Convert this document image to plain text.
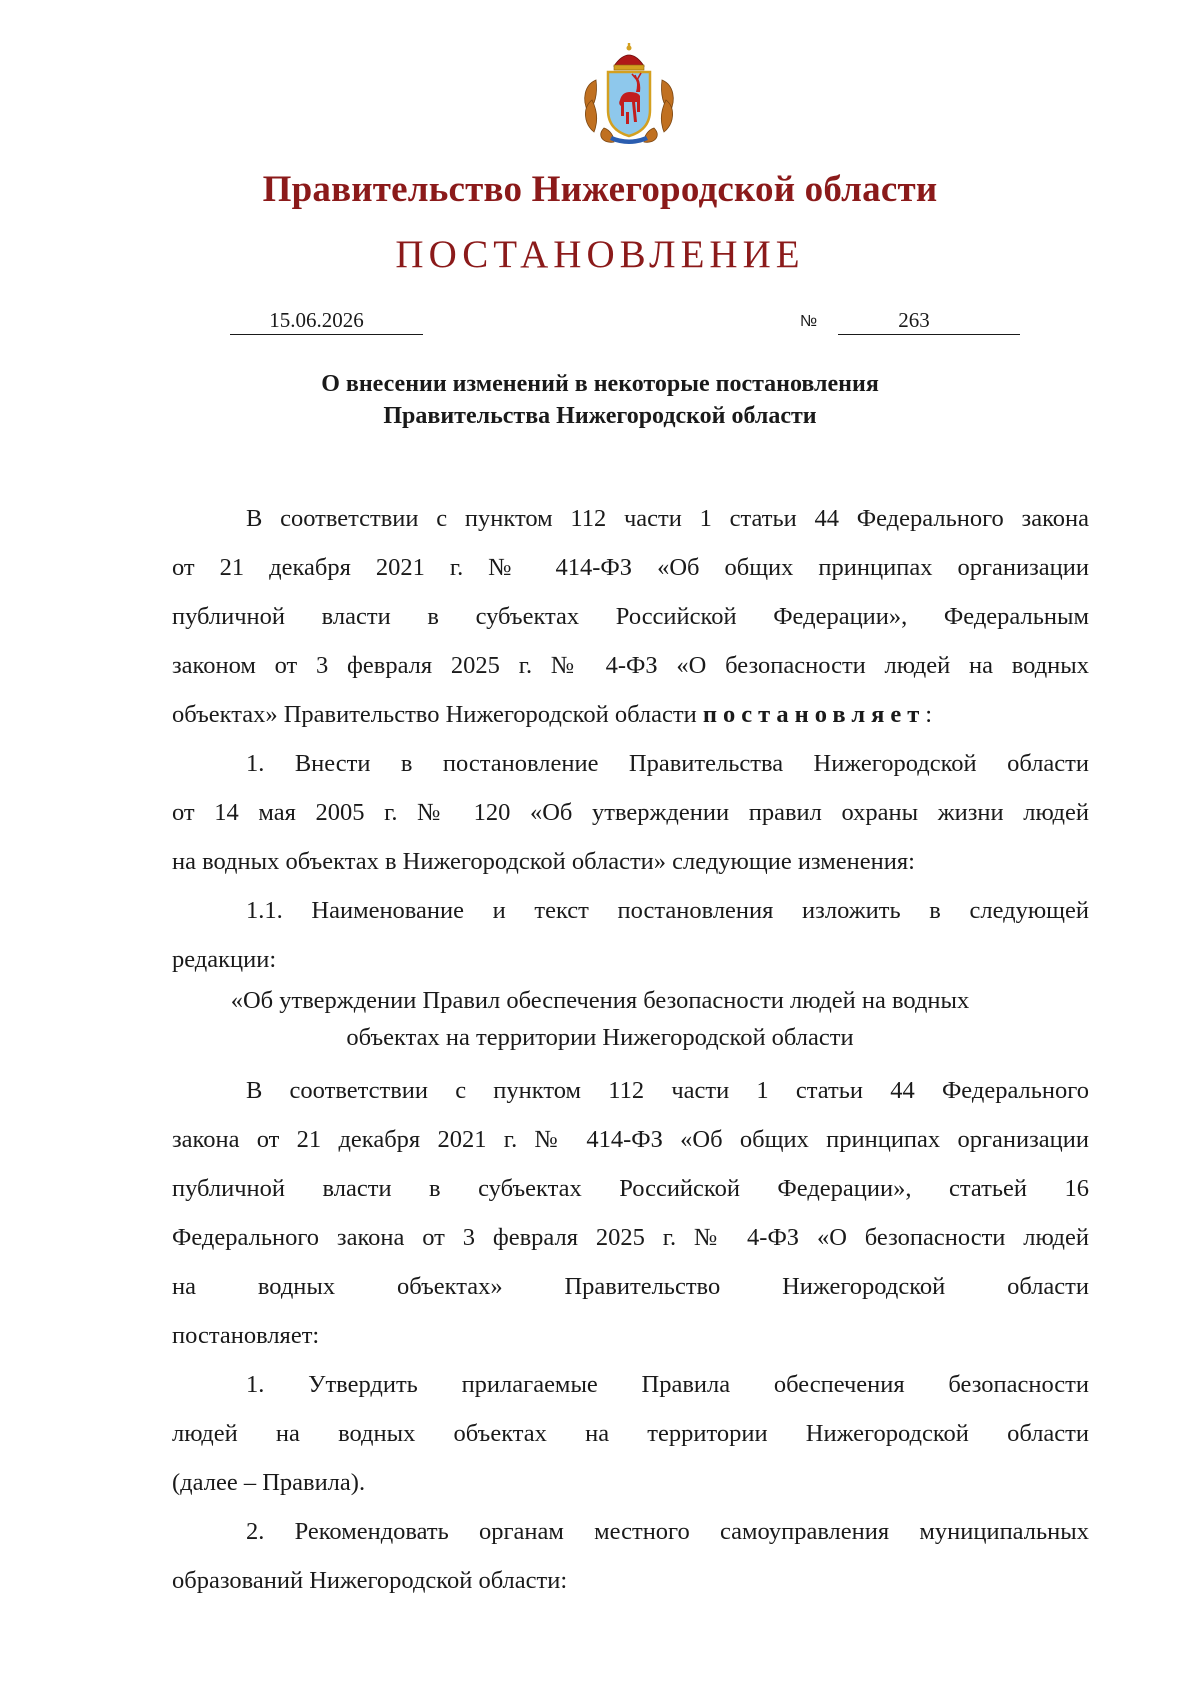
Правительство Нижегородской области
ПОСТАНОВЛЕНИЕ
15.06.2026	№	263
О внесении изменений в некоторые постановления
Правительства Нижегородской области
В соответствии с пунктом 112 части 1 статьи 44 Федерального закона
от 21 декабря 2021 г. № 414-ФЗ «Об общих принципах организации
публичной власти в субъектах Российской Федерации», Федеральным
законом от 3 февраля 2025 г. № 4-ФЗ «О безопасности людей на водных
объектах» Правительство Нижегородской области постановляет:
1. Внести в постановление Правительства Нижегородской области
от 14 мая 2005 г. № 120 «Об утверждении правил охраны жизни людей
на водных объектах в Нижегородской области» следующие изменения:
1.1. Наименование и текст постановления изложить в следующей
редакции:
«Об утверждении Правил обеспечения безопасности людей на водных
объектах на территории Нижегородской области
В соответствии с пунктом 112 части 1 статьи 44 Федерального
закона от 21 декабря 2021 г. № 414-ФЗ «Об общих принципах организации
публичной власти в субъектах Российской Федерации», статьей 16
Федерального закона от 3 февраля 2025 г. № 4-ФЗ «О безопасности людей
на водных объектах» Правительство Нижегородской области
постановляет:
1. Утвердить прилагаемые Правила обеспечения безопасности
людей на водных объектах на территории Нижегородской области
(далее – Правила).
2. Рекомендовать органам местного самоуправления муниципальных
образований Нижегородской области:
